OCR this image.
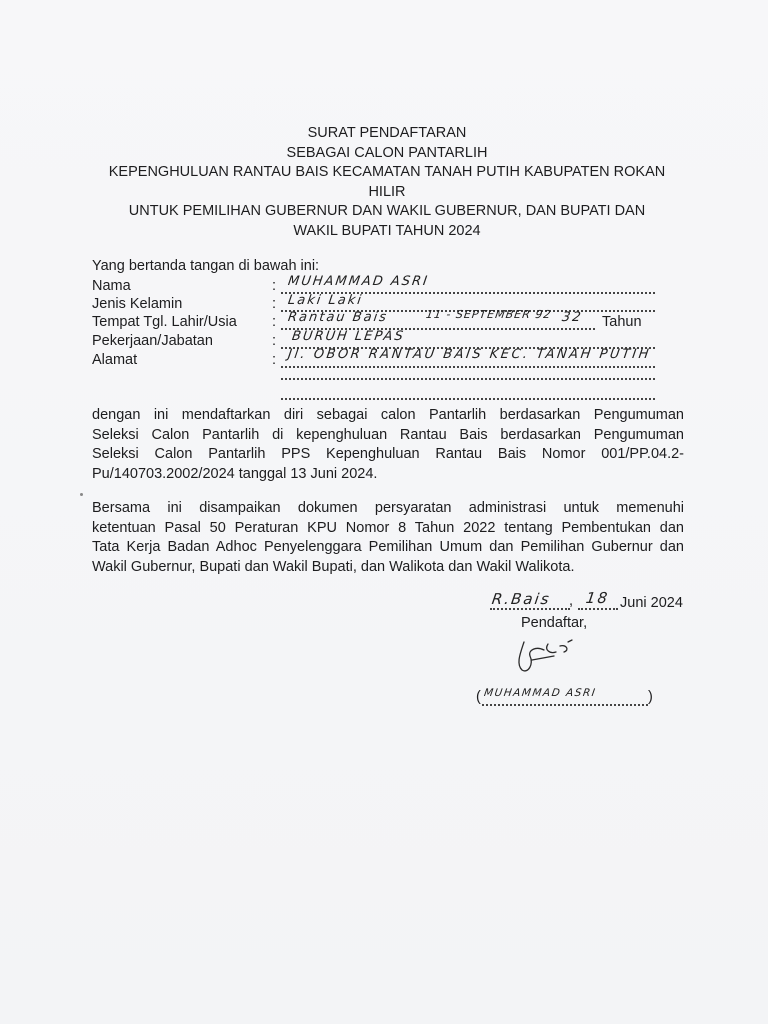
SURAT PENDAFTARAN
SEBAGAI CALON PANTARLIH
KEPENGHULUAN RANTAU BAIS KECAMATAN TANAH PUTIH KABUPATEN ROKAN
HILIR
UNTUK PEMILIHAN GUBERNUR DAN WAKIL GUBERNUR, DAN BUPATI DAN
WAKIL BUPATI TAHUN 2024
Yang bertanda tangan di bawah ini:
Nama	: MUHAMMAD ASRI
Jenis Kelamin	: Laki Laki
Tempat Tgl. Lahir/Usia : Rantau Bais	11 - SEPTEMBER 92 32 Tahun
Pekerjaan/Jabatan	: BURUH LEPAS
Alamat	: Jl. OBOR RANTAU BAIS KEC. TANAH PUTIH
dengan ini mendaftarkan diri sebagai calon Pantarlih berdasarkan Pengumuman
Seleksi Calon Pantarlih di kepenghuluan Rantau Bais berdasarkan Pengumuman
Seleksi Calon Pantarlih PPS Kepenghuluan Rantau Bais Nomor 001/PP.04.2-
Pu/140703.2002/2024 tanggal 13 Juni 2024.
Bersama ini disampaikan dokumen persyaratan administrasi untuk memenuhi
ketentuan Pasal 50 Peraturan KPU Nomor 8 Tahun 2022 tentang Pembentukan dan
Tata Kerja Badan Adhoc Penyelenggara Pemilihan Umum dan Pemilihan Gubernur dan
Wakil Gubernur, Bupati dan Wakil Bupati, dan Walikota dan Wakil Walikota.
R.Bais , 18 Juni 2024
Pendaftar,
( MUHAMMAD ASRI	)
